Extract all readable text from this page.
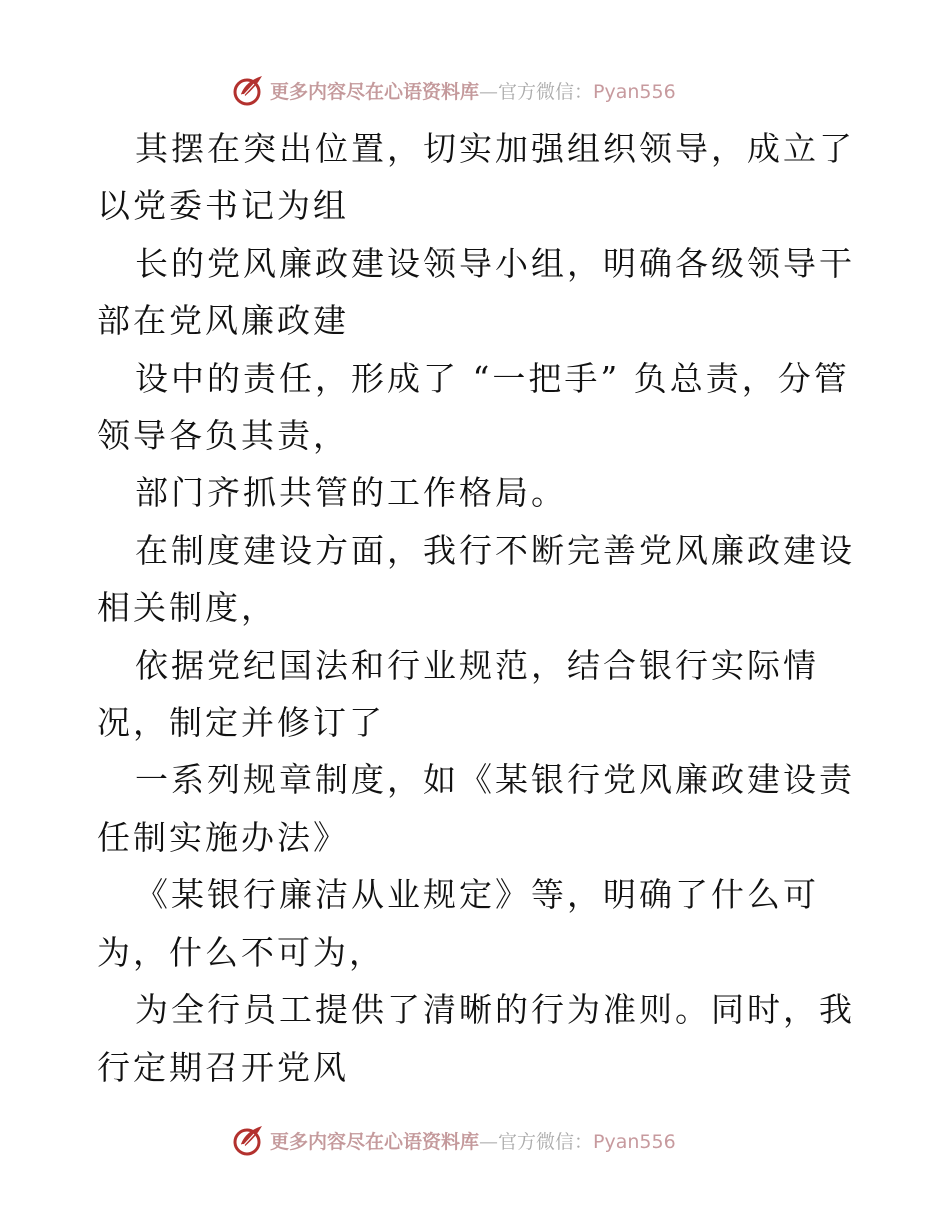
更多内容尽在心语资料库—官方微信：Pyan556

其摆在突出位置，切实加强组织领导，成立了以党委书记为组

长的党风廉政建设领导小组，明确各级领导干部在党风廉政建

设中的责任，形成了 “一把手” 负总责，分管领导各负其责，

部门齐抓共管的工作格局。

在制度建设方面，我行不断完善党风廉政建设相关制度，

依据党纪国法和行业规范，结合银行实际情况，制定并修订了

一系列规章制度，如《某银行党风廉政建设责任制实施办法》

《某银行廉洁从业规定》等，明确了什么可为，什么不可为，

为全行员工提供了清晰的行为准则。同时，我行定期召开党风

更多内容尽在心语资料库—官方微信：Pyan556
